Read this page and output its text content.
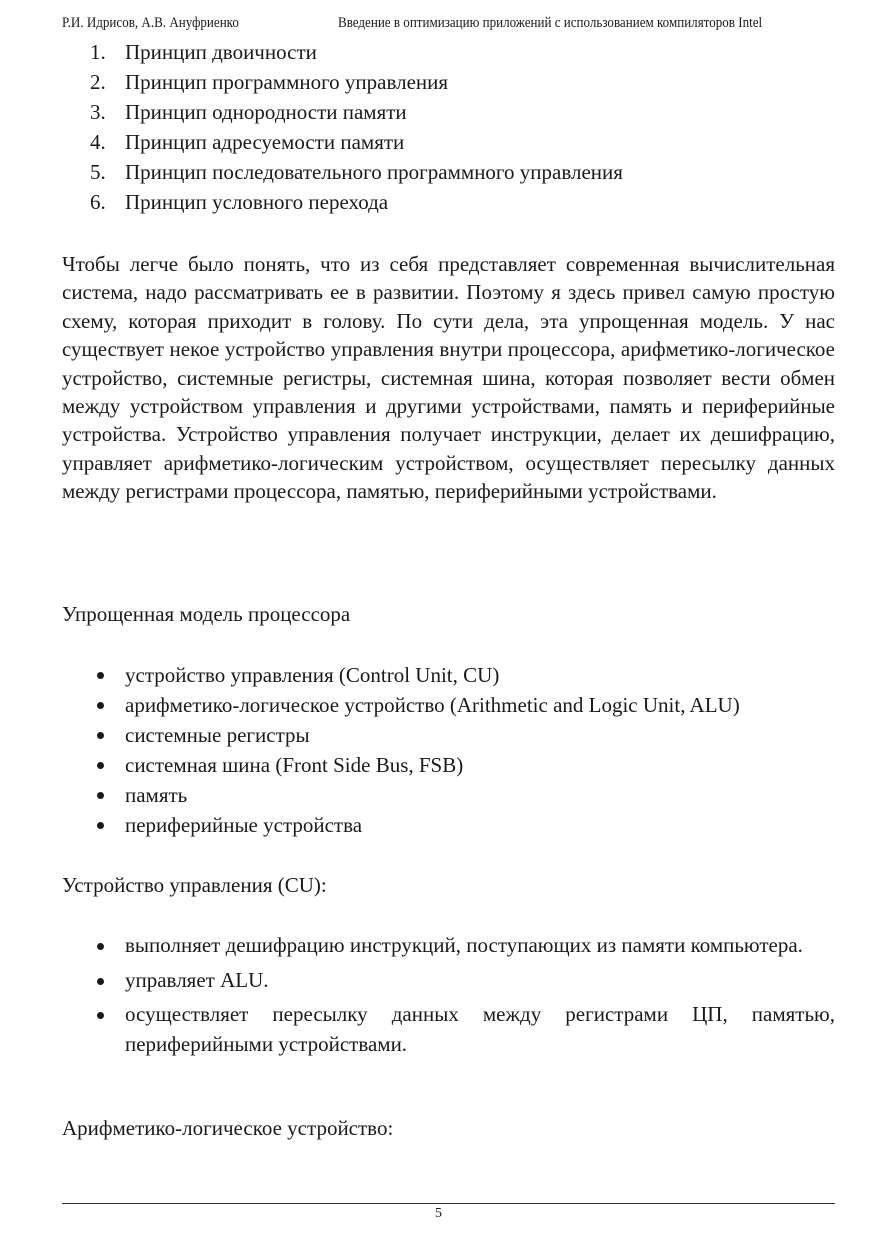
Р.И. Идрисов, А.В. Ануфриенко	Введение в оптимизацию приложений с использованием компиляторов Intel
1. Принцип двоичности
2. Принцип программного управления
3. Принцип однородности памяти
4. Принцип адресуемости памяти
5. Принцип последовательного программного управления
6. Принцип условного перехода

Чтобы легче было понять, что из себя представляет современная вычислительная система, надо рассматривать ее в развитии. Поэтому я здесь привел самую простую схему, которая приходит в голову. По сути дела, эта упрощенная модель. У нас существует некое устройство управления внутри процессора, арифметико-логическое устройство, системные регистры, системная шина, которая позволяет вести обмен между устройством управления и другими устройствами, память и периферийные устройства. Устройство управления получает инструкции, делает их дешифрацию, управляет арифметико-логическим устройством, осуществляет пересылку данных между регистрами процессора, памятью, периферийными устройствами.

Упрощенная модель процессора
устройство управления (Control Unit, CU)
арифметико-логическое устройство (Arithmetic and Logic Unit, ALU)
системные регистры
системная шина (Front Side Bus, FSB)
память
периферийные устройства
Устройство управления (CU):
выполняет дешифрацию инструкций, поступающих из памяти компьютера.
управляет ALU.
осуществляет пересылку данных между регистрами ЦП, памятью, периферийными устройствами.
Арифметико-логическое устройство:
5
